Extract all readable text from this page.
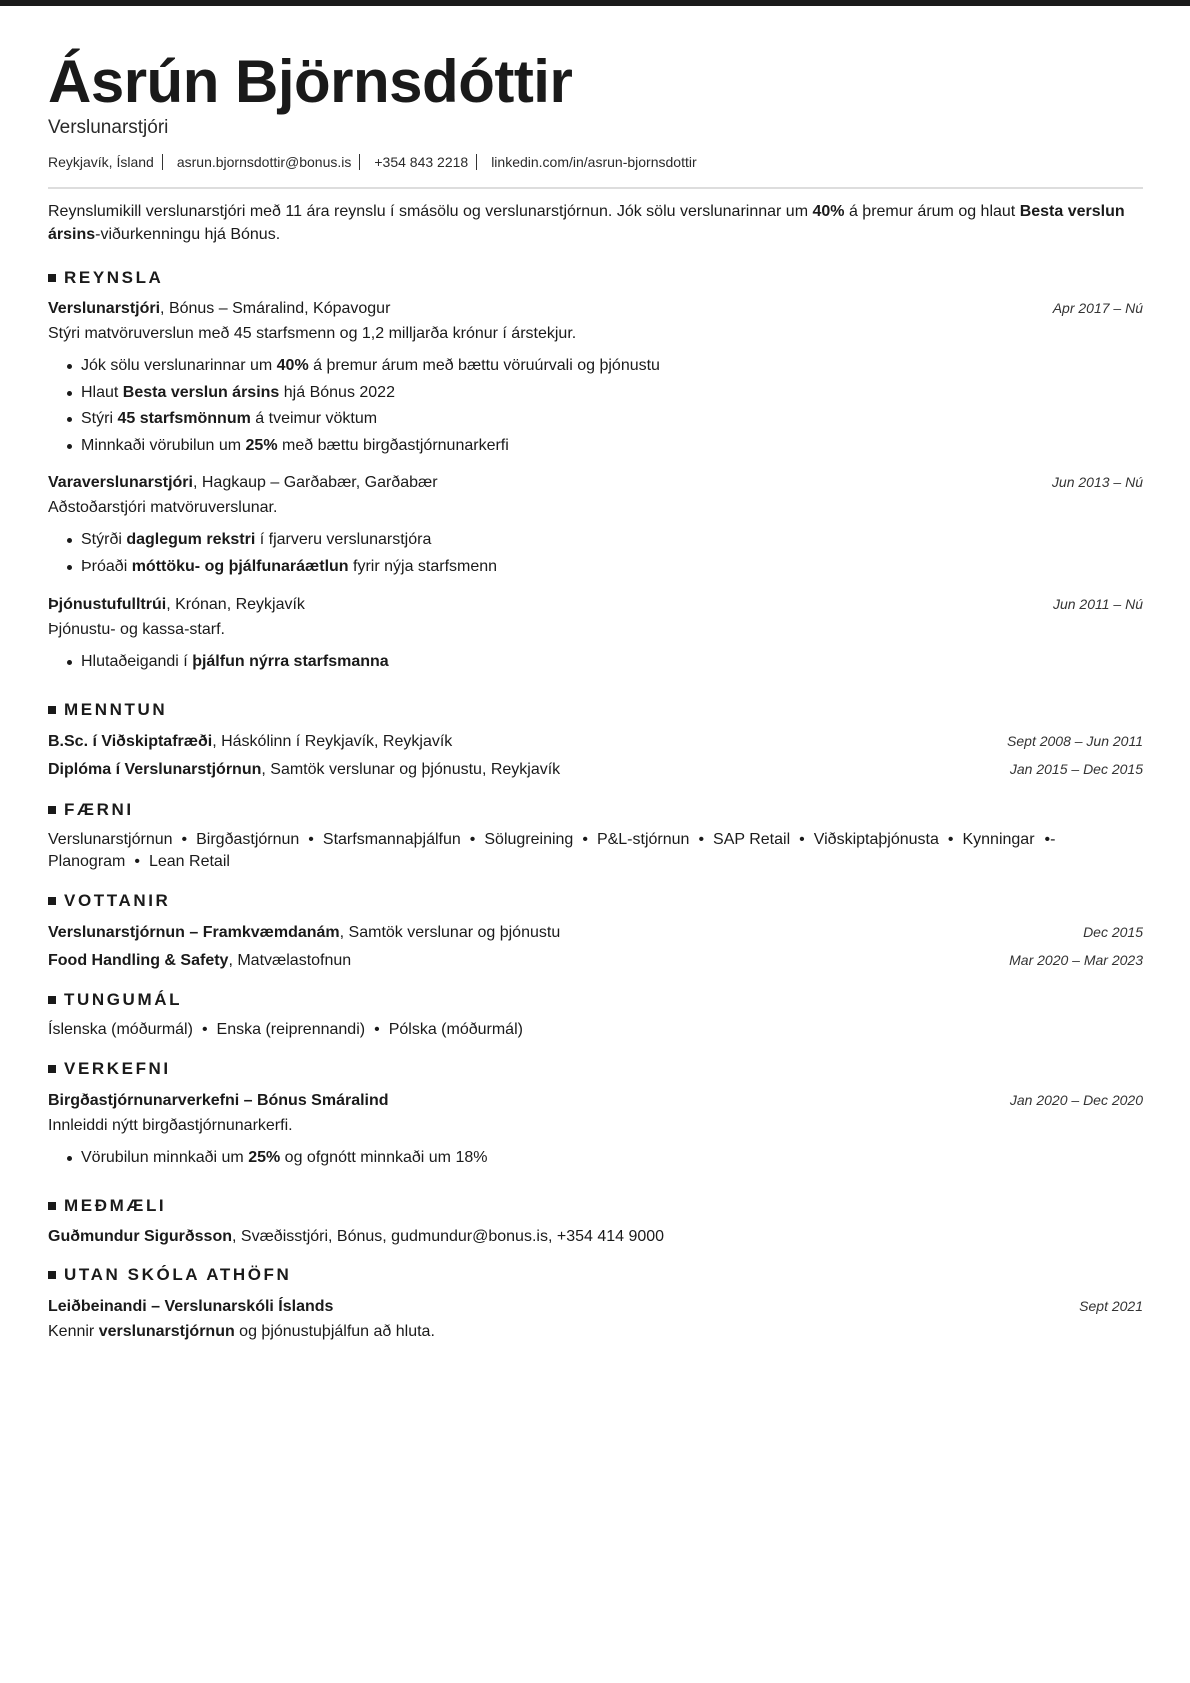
Ásrún Björnsdóttir
Verslunarstjóri
Reykjavík, Ísland asrun.bjornsdottir@bonus.is +354 843 2218 linkedin.com/in/asrun-bjornsdottir

Reynslumikill verslunarstjóri með 11 ára reynslu í smásölu og verslunarstjórnun. Jók sölu verslunarinnar um 40% á þremur árum og hlaut Besta verslun ársins-viðurkenningu hjá Bónus.

REYNSLA
Verslunarstjóri, Bónus – Smáralind, Kópavogur	Apr 2017 – Nú
Stýri matvöruverslun með 45 starfsmenn og 1,2 milljarða krónur í árstekjur.
Jók sölu verslunarinnar um 40% á þremur árum með bættu vöruúrvali og þjónustu
Hlaut Besta verslun ársins hjá Bónus 2022
Stýri 45 starfsmönnum á tveimur vöktum
Minnkaði vörubilun um 25% með bættu birgðastjórnunarkerfi
Varaverslunarstjóri, Hagkaup – Garðabær, Garðabær	Jun 2013 – Nú
Aðstoðarstjóri matvöruverslunar.
Stýrði daglegum rekstri í fjarveru verslunarstjóra
Þróaði móttöku- og þjálfunaráætlun fyrir nýja starfsmenn
Þjónustufulltrúi, Krónan, Reykjavík	Jun 2011 – Nú
Þjónustu- og kassa-starf.
Hlutaðeigandi í þjálfun nýrra starfsmanna
MENNTUN
B.Sc. í Viðskiptafræði, Háskólinn í Reykjavík, Reykjavík	Sept 2008 – Jun 2011
Diplóma í Verslunarstjórnun, Samtök verslunar og þjónustu, Reykjavík	Jan 2015 – Dec 2015
FÆRNI
Verslunarstjórnun • Birgðastjórnun • Starfsmannaþjálfun • Sölugreining • P&L-stjórnun • SAP Retail • Viðskiptaþjónusta • Kynningar •-
Planogram • Lean Retail
VOTTANIR
Verslunarstjórnun – Framkvæmdanám, Samtök verslunar og þjónustu	Dec 2015
Food Handling & Safety, Matvælastofnun	Mar 2020 – Mar 2023
TUNGUMÁL
Íslenska (móðurmál) • Enska (reiprennandi) • Pólska (móðurmál)
VERKEFNI
Birgðastjórnunarverkefni – Bónus Smáralind	Jan 2020 – Dec 2020
Innleiddi nýtt birgðastjórnunarkerfi.
Vörubilun minnkaði um 25% og ofgnótt minnkaði um 18%
MEÐMÆLI
Guðmundur Sigurðsson, Svæðisstjóri, Bónus, gudmundur@bonus.is, +354 414 9000
UTAN SKÓLA ATHÖFN
Leiðbeinandi – Verslunarskóli Íslands	Sept 2021
Kennir verslunarstjórnun og þjónustuþjálfun að hluta.
